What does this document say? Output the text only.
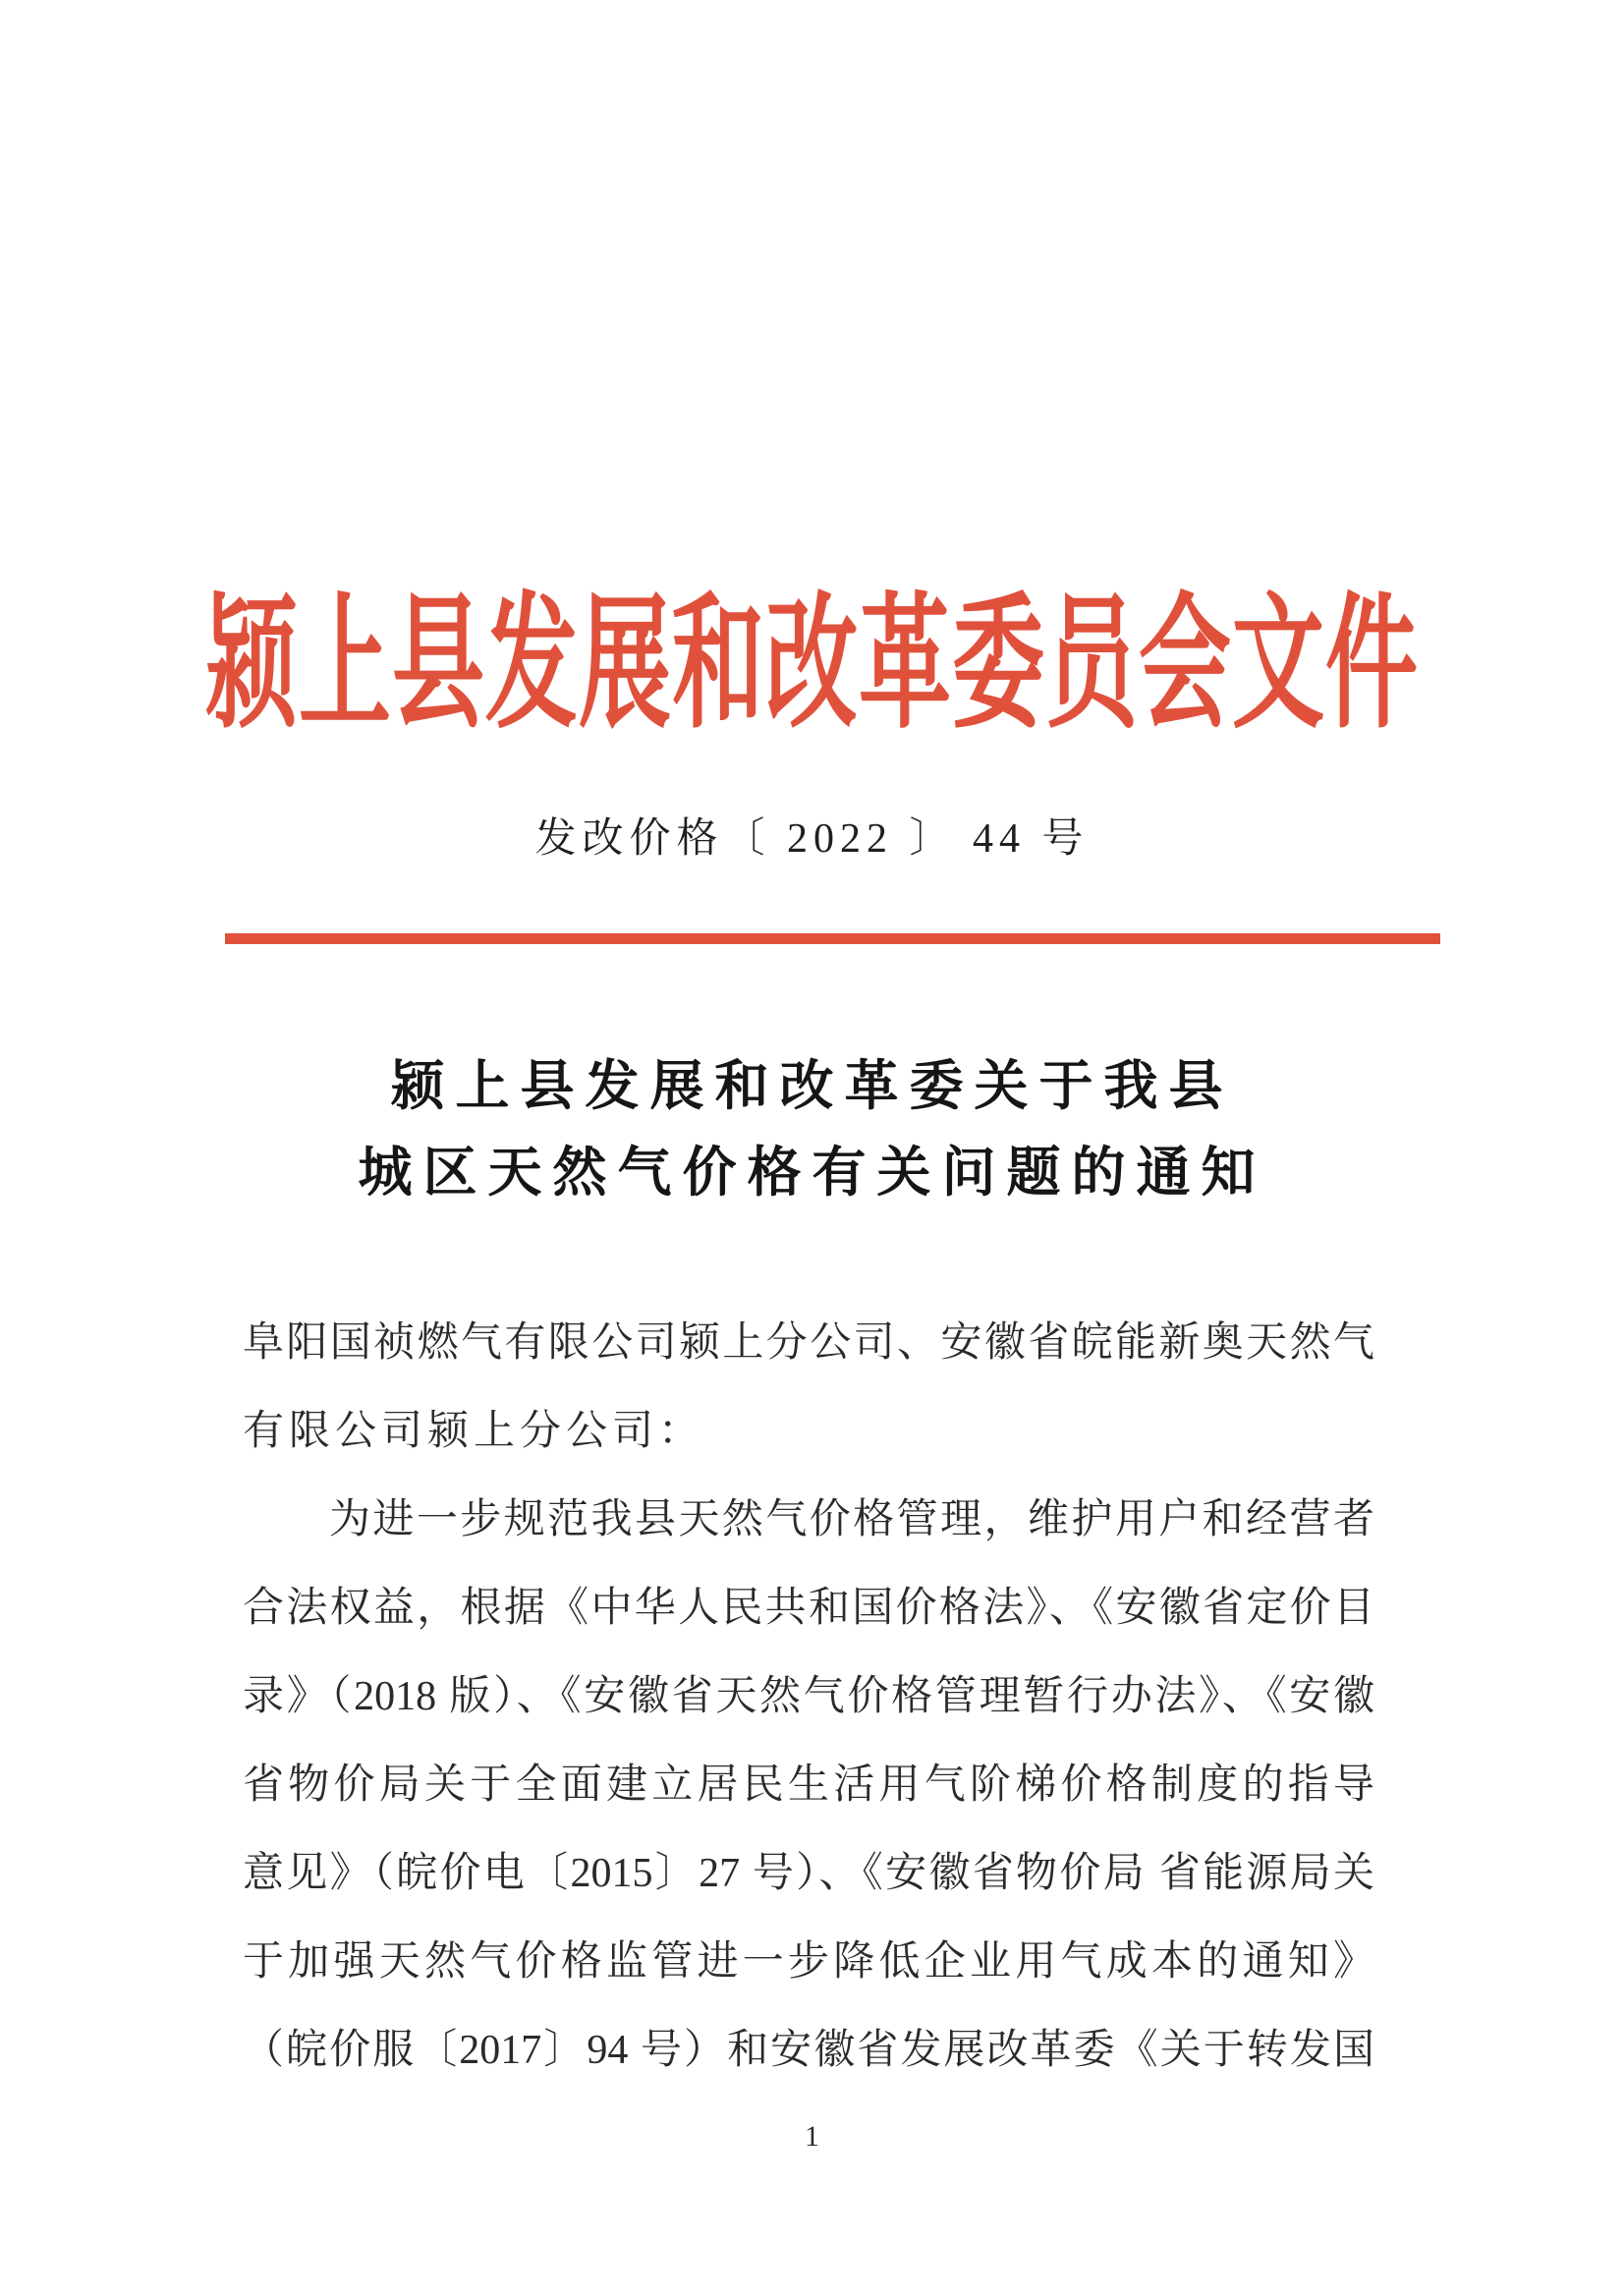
颍上县发展和改革委员会文件
发改价格〔 2022 〕 44 号
颍上县发展和改革委关于我县
城区天然气价格有关问题的通知
阜阳国祯燃气有限公司颍上分公司、安徽省皖能新奥天然气
有限公司颍上分公司：
为进一步规范我县天然气价格管理，维护用户和经营者
合法权益，根据《中华人民共和国价格法》、《安徽省定价目
录》（2018 版）、《安徽省天然气价格管理暂行办法》、《安徽
省物价局关于全面建立居民生活用气阶梯价格制度的指导
意见》（皖价电〔2015〕27 号）、《安徽省物价局 省能源局关
于加强天然气价格监管进一步降低企业用气成本的通知》
（皖价服〔2017〕94 号）和安徽省发展改革委《关于转发国
1
